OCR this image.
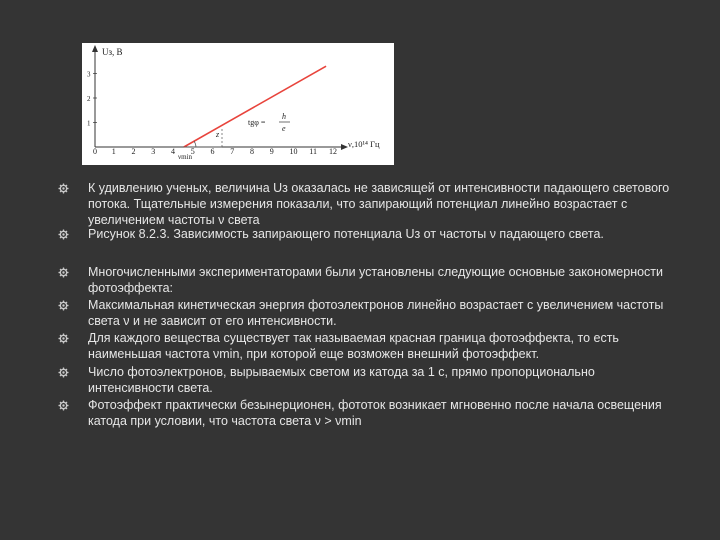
Uз, В
ν,10¹⁴ Гц
1
2
3
0 1 2 3 4 5 6 7 8 9 10 11 12
z
νmin
tgφ =
h
e
К удивлению ученых, величина Uз оказалась не зависящей от интенсивности падающего светового потока. Тщательные измерения показали, что запирающий потенциал линейно возрастает с увеличением частоты ν света
Рисунок 8.2.3. Зависимость запирающего потенциала Uз от частоты ν падающего света.
Многочисленными экспериментаторами были установлены следующие основные закономерности фотоэффекта:
Максимальная кинетическая энергия фотоэлектронов линейно возрастает с увеличением частоты света ν и не зависит от его интенсивности.
Для каждого вещества существует так называемая красная граница фотоэффекта, то есть наименьшая частота νmin, при которой еще возможен внешний фотоэффект.
Число фотоэлектронов, вырываемых светом из катода за 1 с, прямо пропорционально интенсивности света.
Фотоэффект практически безынерционен, фототок возникает мгновенно после начала освещения катода при условии, что частота света ν > νmin
